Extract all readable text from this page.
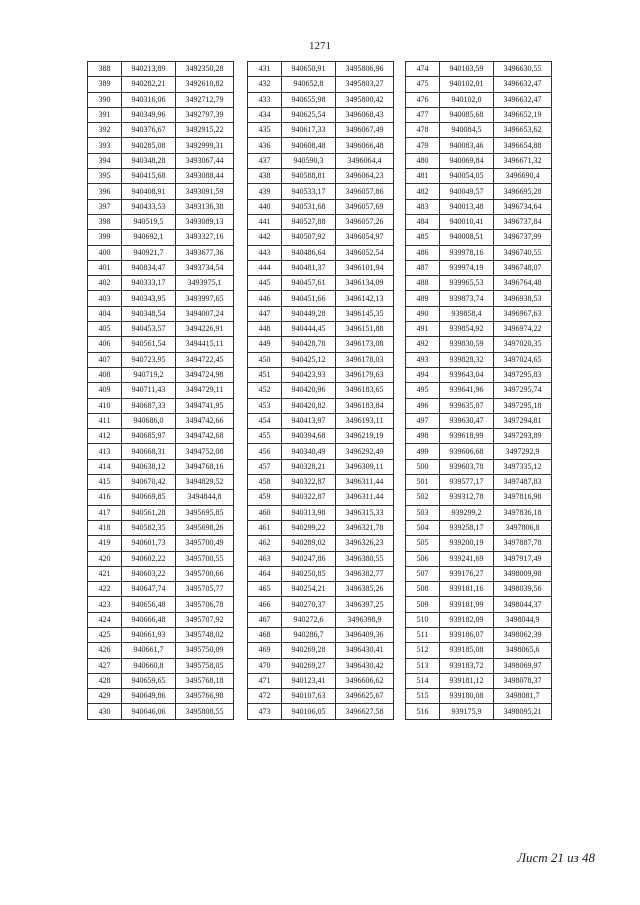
1271
388	940213,89	3492350,28
389	940282,21	3492610,82
390	940316,06	3492712,79
391	940349,96	3492797,39
392	940376,67	3492915,22
393	940285,08	3492999,31
394	940348,28	3493067,44
395	940415,68	3493088,44
396	940408,91	3493091,59
397	940433,53	3493136,38
398	940519,5	3493089,13
399	940692,1	3493327,16
400	940921,7	3493677,36
401	940834,47	3493734,54
402	940333,17	3493975,1
403	940343,95	3493997,65
404	940348,54	3494007,24
405	940453,57	3494226,91
406	940561,54	3494415,11
407	940723,95	3494722,45
408	940719,2	3494724,98
409	940711,43	3494729,11
410	940687,33	3494741,95
411	940686,0	3494742,66
412	940685,97	3494742,68
413	940668,31	3494752,08
414	940638,12	3494768,16
415	940670,42	3494829,52
416	940669,85	3494844,8
417	940561,28	3495695,85
418	940582,35	3495698,26
419	940601,73	3495700,49
420	940602,22	3495700,55
421	940603,22	3495700,66
422	940647,74	3495705,77
423	940656,48	3495706,78
424	940666,48	3495707,92
425	940661,93	3495748,02
426	940661,7	3495750,09
427	940660,8	3495758,05
428	940659,65	3495768,18
429	940649,86	3495766,98
430	940646,06	3495808,55
431	940650,91	3495806,96
432	940652,8	3495803,27
433	940655,98	3495800,42
434	940625,54	3496068,43
435	940617,33	3496067,49
436	940608,48	3496066,48
437	940590,3	3496064,4
438	940588,81	3496064,23
439	940533,17	3496057,86
440	940531,68	3496057,69
441	940527,88	3496057,26
442	940507,92	3496054,97
443	940486,64	3496052,54
444	940481,37	3496101,94
445	940457,61	3496134,09
446	940451,66	3496142,13
447	940449,28	3496145,35
448	940444,45	3496151,88
449	940428,78	3496173,08
450	940425,12	3496178,03
451	940423,93	3496179,63
452	940420,96	3496183,65
453	940420,82	3496183,84
454	940413,97	3496193,11
455	940394,68	3496219,19
456	940340,49	3496292,49
457	940328,21	3496309,11
458	940322,87	3496311,44
459	940322,87	3496311,44
460	940313,98	3496315,33
461	940299,22	3496321,78
462	940289,02	3496326,23
463	940247,86	3496380,55
464	940250,85	3496382,77
465	940254,21	3496385,26
466	940270,37	3496397,25
467	940272,6	3496398,9
468	940286,7	3496409,36
469	940269,28	3496430,41
470	940269,27	3496430,42
471	940123,41	3496606,62
472	940107,63	3496625,67
473	940106,05	3496627,58
474	940103,59	3496630,55
475	940102,01	3496632,47
476	940102,0	3496632,47
477	940085,68	3496652,19
478	940084,5	3496653,62
479	940083,46	3496654,88
480	940069,84	3496671,32
481	940054,05	3496690,4
482	940049,57	3496695,28
483	940013,48	3496734,64
484	940010,41	3496737,84
485	940008,51	3496737,99
486	939978,16	3496740,55
487	939974,19	3496748,07
488	939965,53	3496764,48
489	939873,74	3496938,53
490	939858,4	3496967,63
491	939854,92	3496974,22
492	939830,59	3497020,35
493	939828,32	3497024,65
494	939643,04	3497295,83
495	939641,96	3497295,74
496	939635,07	3497295,18
497	939630,47	3497294,81
498	939618,99	3497293,89
499	939606,68	3497292,9
500	939603,78	3497335,12
501	939577,17	3497487,83
502	939312,78	3497816,98
503	939299,2	3497836,18
504	939258,17	3497806,8
505	939200,19	3497887,78
506	939241,69	3497917,49
507	939176,27	3498009,98
508	939181,16	3498039,56
509	939181,99	3498044,37
510	939182,09	3498044,9
511	939186,07	3498062,39
512	939185,08	3498065,6
513	939183,72	3498069,97
514	939181,12	3498078,37
515	939180,08	3498081,7
516	939175,9	3498095,21
Лист 21 из 48
